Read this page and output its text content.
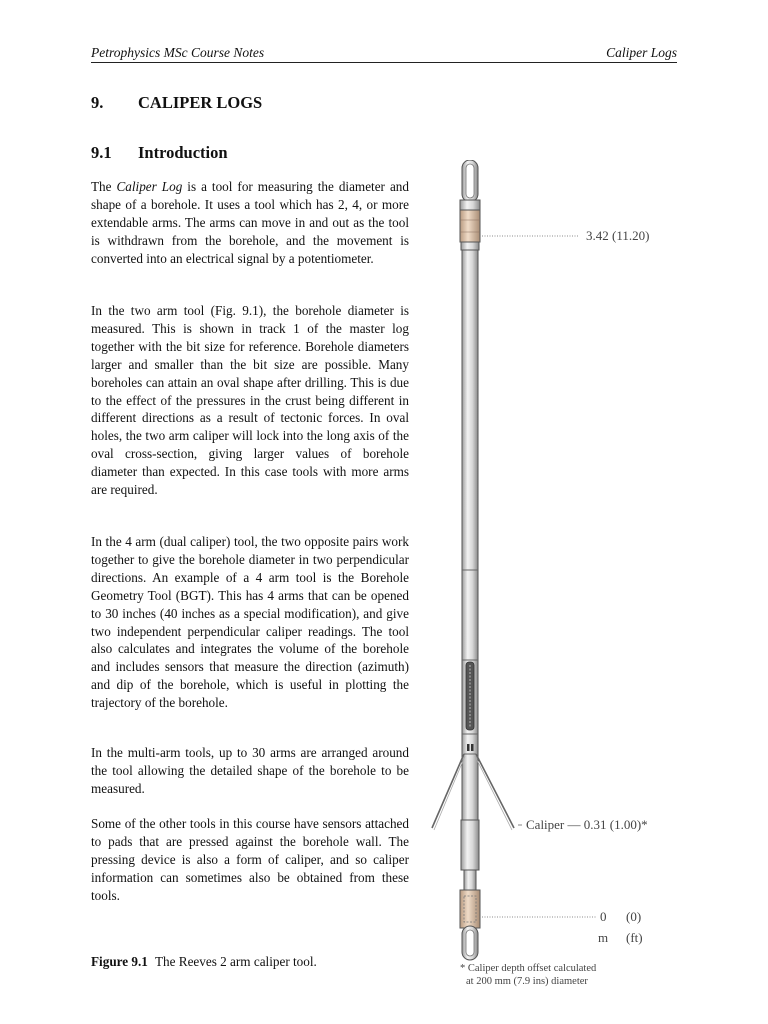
Petrophysics MSc Course Notes	Caliper Logs
9. CALIPER LOGS
9.1 Introduction

The Caliper Log is a tool for measuring the diameter and shape of a borehole. It uses a tool which has 2, 4, or more extendable arms. The arms can move in and out as the tool is withdrawn from the borehole, and the movement is converted into an electrical signal by a potentiometer.

In the two arm tool (Fig. 9.1), the borehole diameter is measured. This is shown in track 1 of the master log together with the bit size for reference. Borehole diameters larger and smaller than the bit size are possible. Many boreholes can attain an oval shape after drilling. This is due to the effect of the pressures in the crust being different in different directions as a result of tectonic forces. In oval holes, the two arm caliper will lock into the long axis of the oval cross-section, giving larger values of borehole diameter than expected. In this case tools with more arms are required.

In the 4 arm (dual caliper) tool, the two opposite pairs work together to give the borehole diameter in two perpendicular directions. An example of a 4 arm tool is the Borehole Geometry Tool (BGT). This has 4 arms that can be opened to 30 inches (40 inches as a special modification), and give two independent perpendicular caliper readings. The tool also calculates and integrates the volume of the borehole and includes sensors that measure the direction (azimuth) and dip of the borehole, which is useful in plotting the trajectory of the borehole.

In the multi-arm tools, up to 30 arms are arranged around the tool allowing the detailed shape of the borehole to be measured.

Some of the other tools in this course have sensors attached to pads that are pressed against the borehole wall. The pressing device is also a form of caliper, and so caliper information can sometimes also be obtained from these tools.

Figure 9.1 The Reeves 2 arm caliper tool.
3.42 (11.20)
Caliper — 0.31 (1.00)*
0 (0)
m (ft)
* Caliper depth offset calculated
at 200 mm (7.9 ins) diameter
